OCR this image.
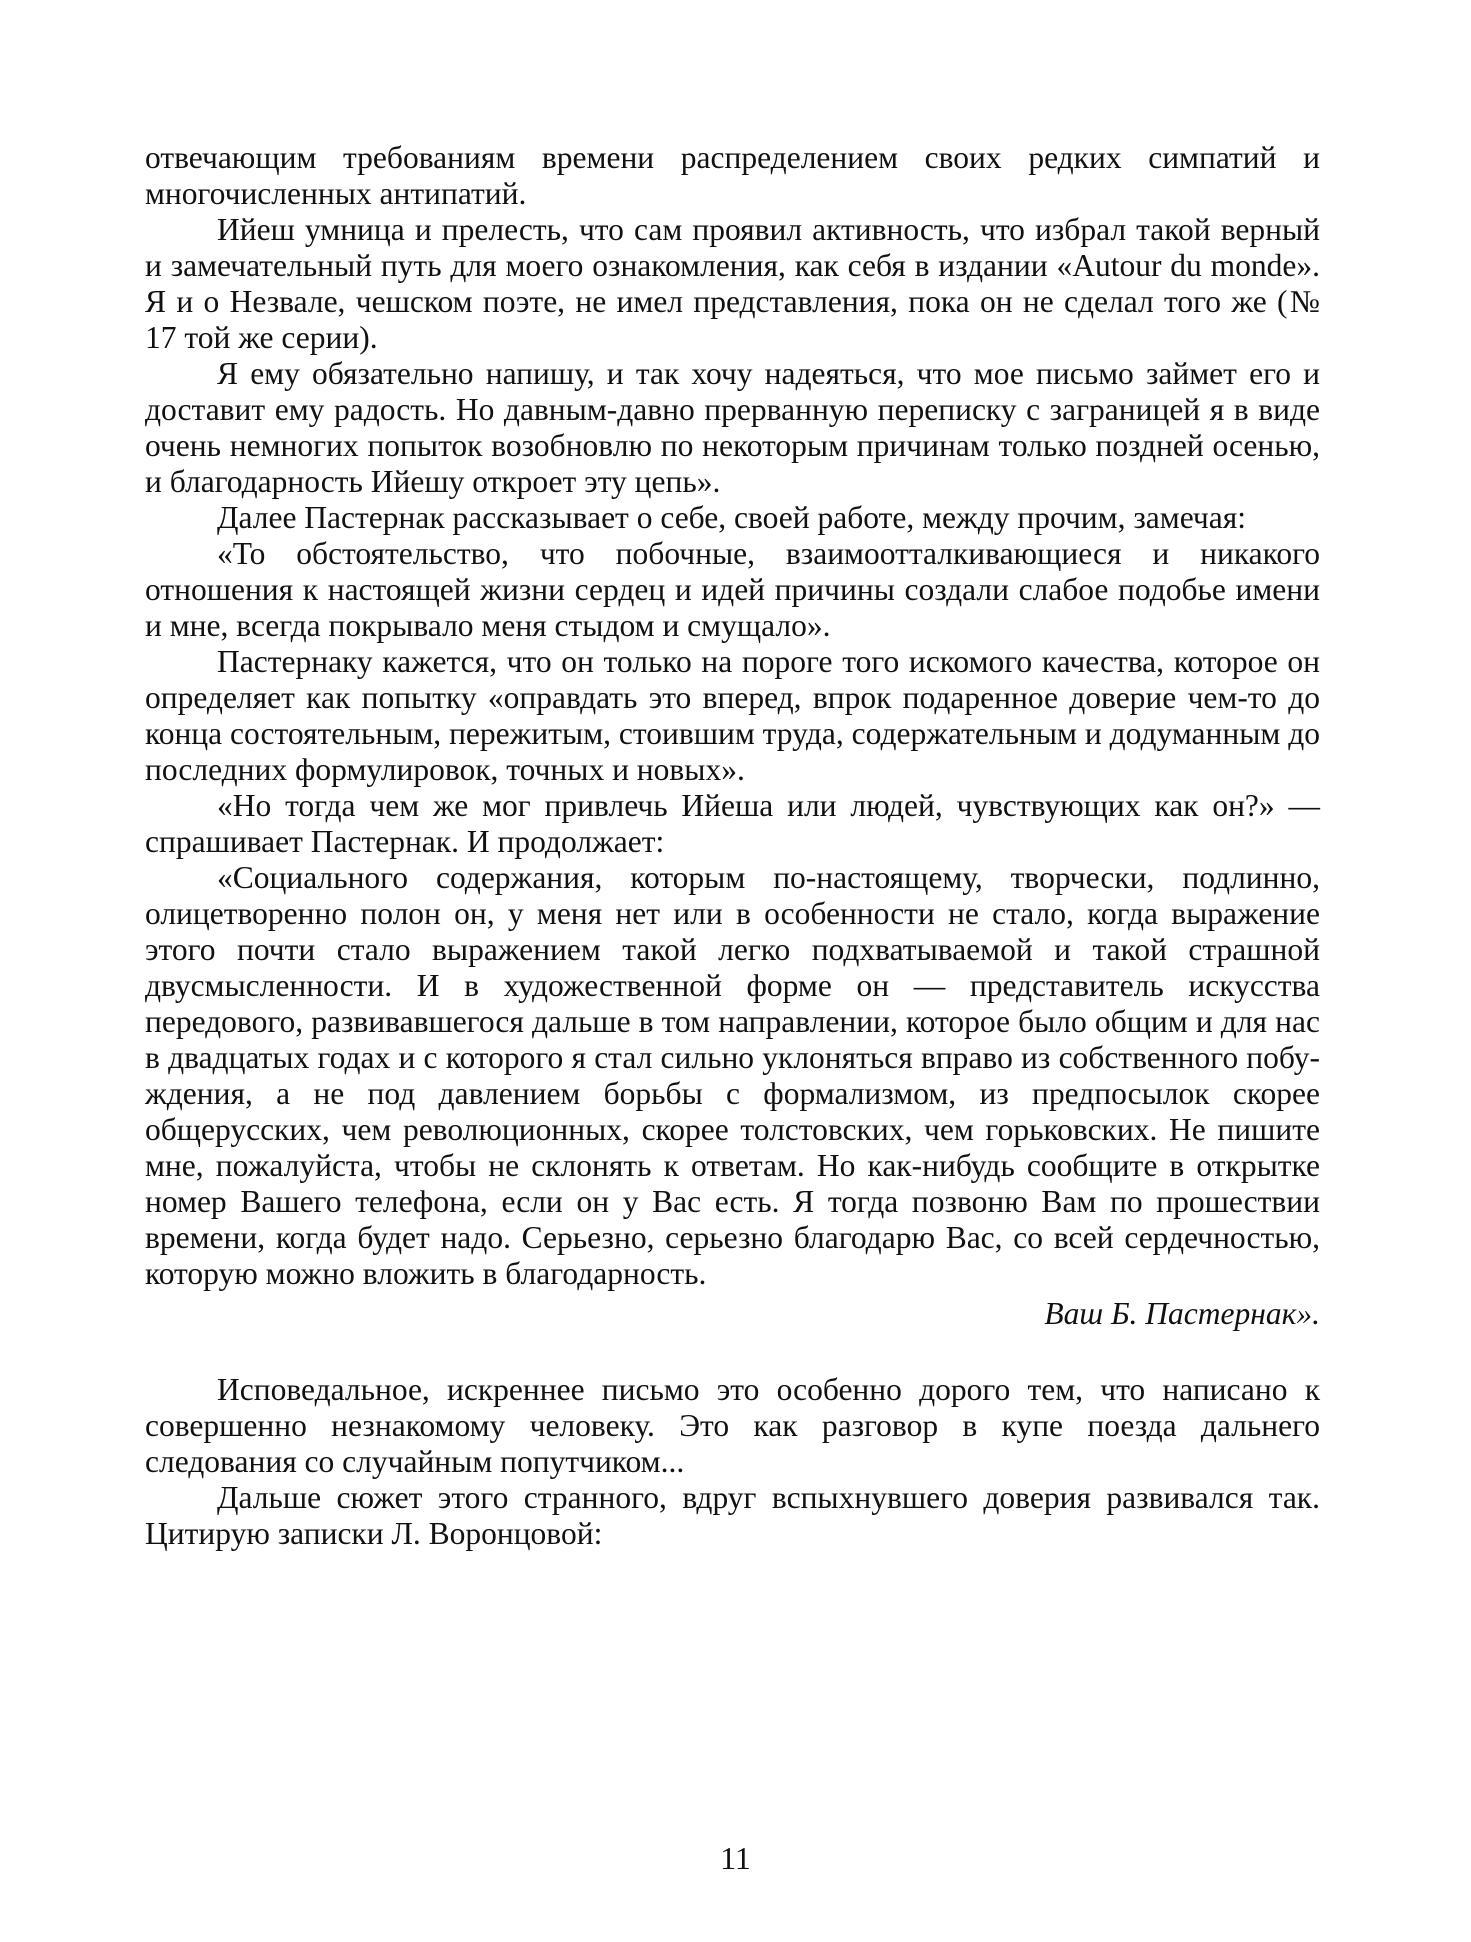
отвечающим требованиям времени распределением своих редких симпатий и многочисленных антипатий.

Ийеш умница и прелесть, что сам проявил активность, что избрал такой верный и замечательный путь для моего ознакомления, как себя в издании «Autour du monde». Я и о Незвале, чешском поэте, не имел представления, пока он не сделал того же (№ 17 той же серии).

Я ему обязательно напишу, и так хочу надеяться, что мое письмо займет его и доставит ему радость. Но давным-давно прерванную переписку с заграницей я в виде очень немногих попыток возобновлю по некоторым причинам только поздней осенью, и благодарность Ийешу откроет эту цепь».

Далее Пастернак рассказывает о себе, своей работе, между прочим, замечая:

«То обстоятельство, что побочные, взаимоотталкивающиеся и никакого отношения к настоящей жизни сердец и идей причины создали слабое подобье имени и мне, всегда покрывало меня стыдом и смущало».

Пастернаку кажется, что он только на пороге того искомого качества, которое он определяет как попытку «оправдать это вперед, впрок подаренное доверие чем-то до конца состоятельным, пережитым, стоившим труда, содержательным и додуманным до последних формулировок, точных и новых».

«Но тогда чем же мог привлечь Ийеша или людей, чувствующих как он?» — спрашивает Пастернак. И продолжает:

«Социального содержания, которым по-настоящему, творчески, подлинно, олицетворенно полон он, у меня нет или в особенности не стало, когда выражение этого почти стало выражением такой легко подхватываемой и такой страшной двусмысленности. И в художественной форме он — представитель искусства передового, развивавшегося дальше в том направлении, которое было общим и для нас в двадцатых годах и с которого я стал сильно уклоняться вправо из собственного побуждения, а не под давлением борьбы с формализмом, из предпосылок скорее общерусских, чем революционных, скорее толстовских, чем горьковских. Не пишите мне, пожалуйста, чтобы не склонять к ответам. Но как-нибудь сообщите в открытке номер Вашего телефона, если он у Вас есть. Я тогда позвоню Вам по прошествии времени, когда будет надо. Серьезно, серьезно благодарю Вас, со всей сердечностью, которую можно вложить в благодарность.

Ваш Б. Пастернак».

Исповедальное, искреннее письмо это особенно дорого тем, что написано к совершенно незнакомому человеку. Это как разговор в купе поезда дальнего следования со случайным попутчиком...

Дальше сюжет этого странного, вдруг вспыхнувшего доверия развивался так. Цитирую записки Л. Воронцовой:

11
